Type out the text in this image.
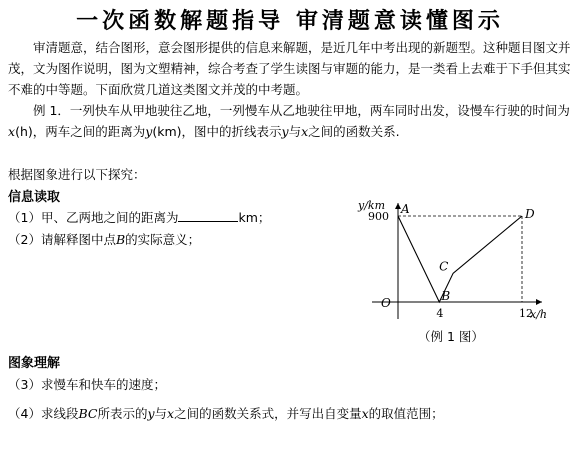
一次函数解题指导 审清题意读懂图示
审清题意，结合图形，意会图形提供的信息来解题，是近几年中考出现的新题型。这种题目图文并茂，文为图作说明，图为文塑精神，综合考查了学生读图与审题的能力，是一类看上去难于下手但其实不难的中等题。下面欣赏几道这类图文并茂的中考题。
例 1．一列快车从甲地驶往乙地，一列慢车从乙地驶往甲地，两车同时出发，设慢车行驶的时间为x(h)，两车之间的距离为y(km)，图中的折线表示y与x之间的函数关系.
根据图象进行以下探究：
信息读取
（1）甲、乙两地之间的距离为	km；
（2）请解释图中点B的实际意义；
y/km
x/h
O
900
4	12
A
B
C
D
（例 1 图）
图象理解
（3）求慢车和快车的速度；
（4）求线段BC所表示的y与x之间的函数关系式，并写出自变量x的取值范围；
